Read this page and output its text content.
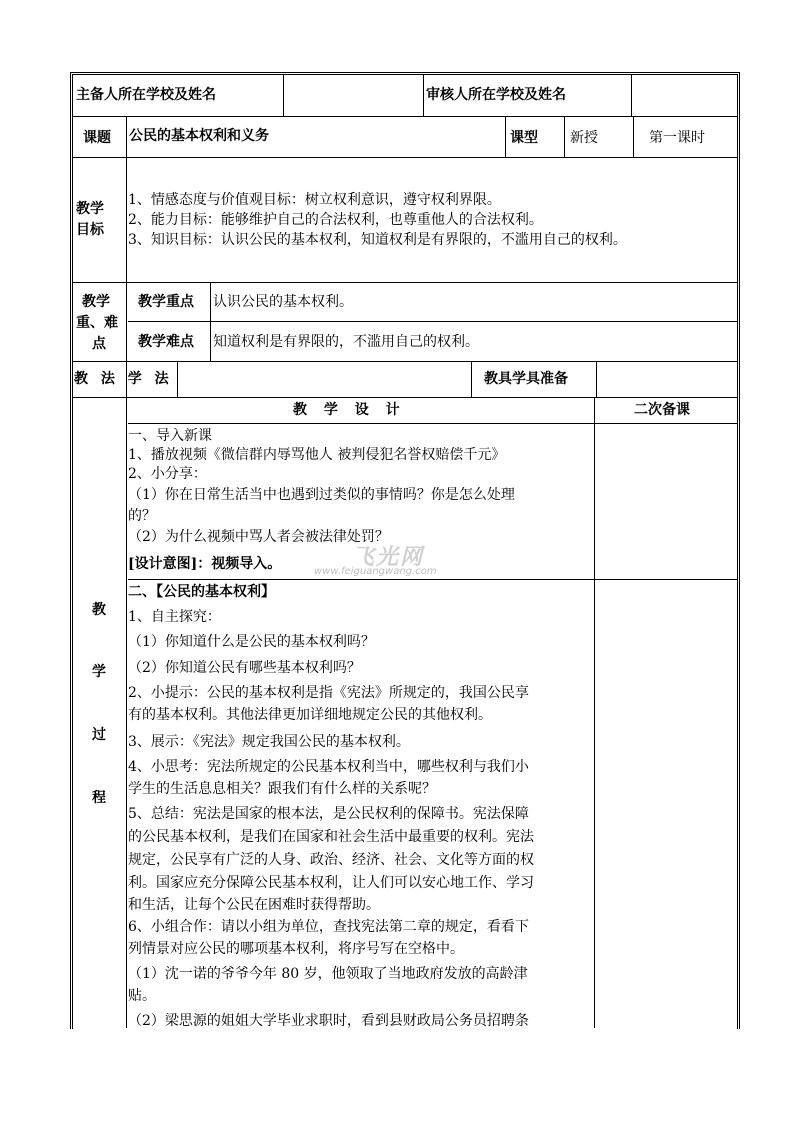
主备人所在学校及姓名	审核人所在学校及姓名
课题 公民的基本权利和义务	课型 新授	第一课时
教学
目标
1、情感态度与价值观目标：树立权利意识，遵守权利界限。
2、能力目标：能够维护自己的合法权利，也尊重他人的合法权利。
3、知识目标：认识公民的基本权利，知道权利是有界限的，不滥用自己的权利。
教学
重、难
点
教学重点 认识公民的基本权利。
教学难点 知道权利是有界限的，不滥用自己的权利。
教 法 学 法	教具学具准备
教 学 设 计	二次备课
教
学
过
程
一、导入新课
1、播放视频《微信群内辱骂他人 被判侵犯名誉权赔偿千元》
2、小分享：
（1）你在日常生活当中也遇到过类似的事情吗？你是怎么处理
的？
（2）为什么视频中骂人者会被法律处罚？
[设计意图]：视频导入。	飞光网
www.feiguangwang.com
二、【公民的基本权利】
1、自主探究：
（1）你知道什么是公民的基本权利吗？
（2）你知道公民有哪些基本权利吗？
2、小提示：公民的基本权利是指《宪法》所规定的，我国公民享
有的基本权利。其他法律更加详细地规定公民的其他权利。
3、展示：《宪法》规定我国公民的基本权利。
4、小思考：宪法所规定的公民基本权利当中，哪些权利与我们小
学生的生活息息相关？跟我们有什么样的关系呢？
5、总结：宪法是国家的根本法，是公民权利的保障书。宪法保障
的公民基本权利，是我们在国家和社会生活中最重要的权利。宪法
规定，公民享有广泛的人身、政治、经济、社会、文化等方面的权
利。国家应充分保障公民基本权利，让人们可以安心地工作、学习
和生活，让每个公民在困难时获得帮助。
6、小组合作：请以小组为单位，查找宪法第二章的规定，看看下
列情景对应公民的哪项基本权利，将序号写在空格中。
（1）沈一诺的爷爷今年 80 岁，他领取了当地政府发放的高龄津
贴。
（2）梁思源的姐姐大学毕业求职时，看到县财政局公务员招聘条
